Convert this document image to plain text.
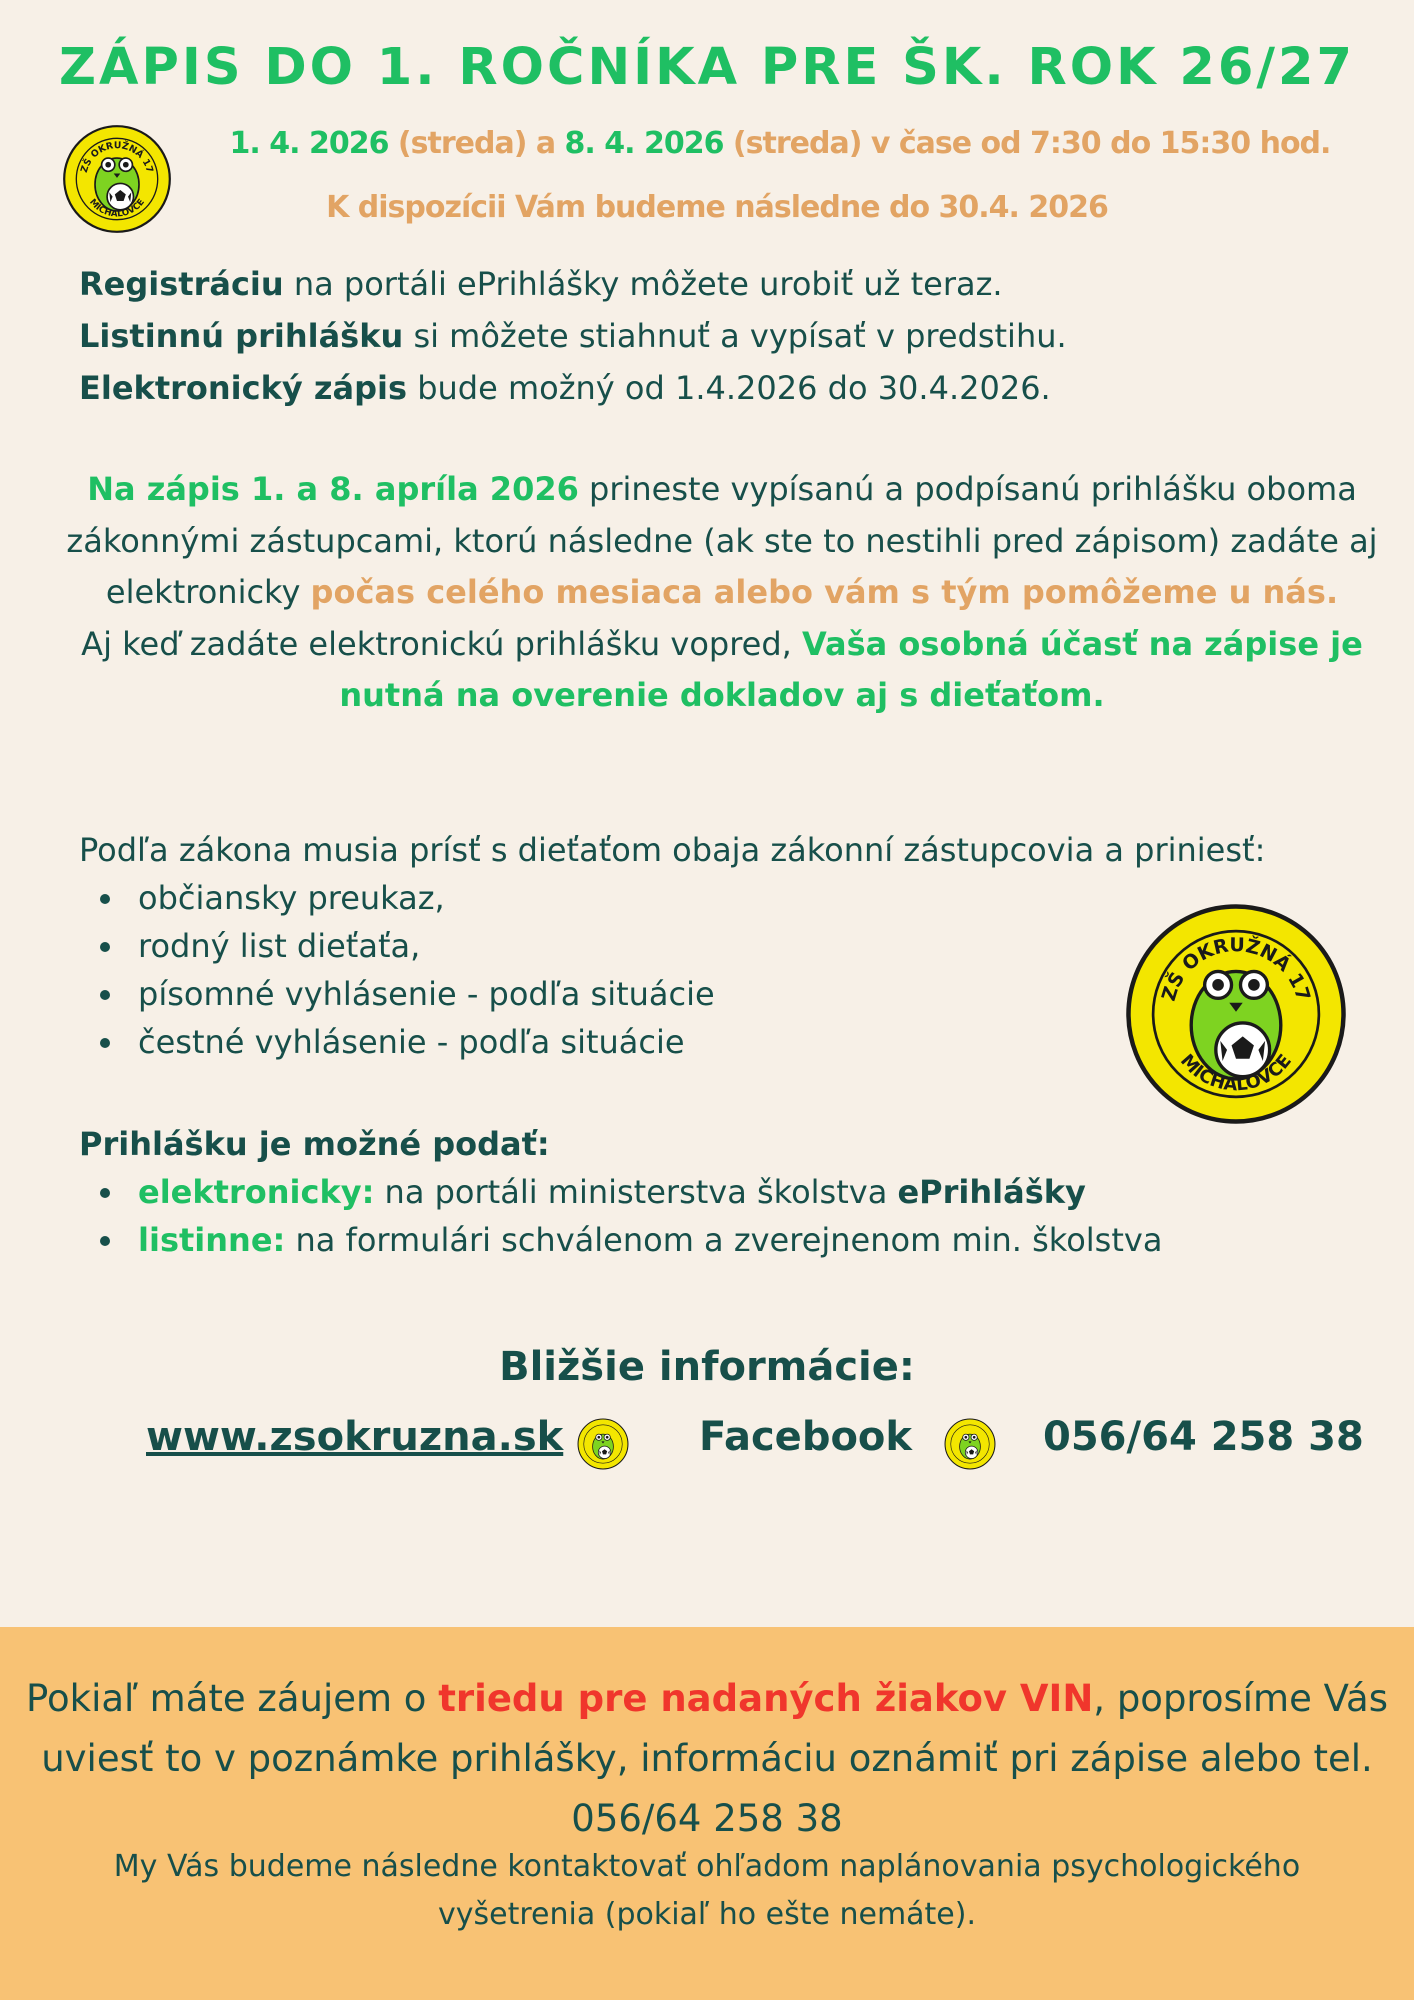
ZÁPIS DO 1. ROČNÍKA PRE ŠK. ROK 26/27
ZŠ OKRUŽNÁ 17
MICHALOVCE
1. 4. 2026 (streda) a 8. 4. 2026 (streda) v čase od 7:30 do 15:30 hod.
K dispozícii Vám budeme následne do 30.4. 2026
Registráciu na portáli ePrihlášky môžete urobiť už teraz.
Listinnú prihlášku si môžete stiahnuť a vypísať v predstihu.
Elektronický zápis bude možný od 1.4.2026 do 30.4.2026.
Na zápis 1. a 8. apríla 2026 prineste vypísanú a podpísanú prihlášku oboma zákonnými zástupcami, ktorú následne (ak ste to nestihli pred zápisom) zadáte aj elektronicky počas celého mesiaca alebo vám s tým pomôžeme u nás.
Aj keď zadáte elektronickú prihlášku vopred, Vaša osobná účasť na zápise je nutná na overenie dokladov aj s dieťaťom.
Podľa zákona musia prísť s dieťaťom obaja zákonní zástupcovia a priniesť:
občiansky preukaz,
rodný list dieťaťa,
písomné vyhlásenie - podľa situácie
čestné vyhlásenie - podľa situácie
ZŠ OKRUŽNÁ 17
MICHALOVCE
Prihlášku je možné podať:
elektronicky: na portáli ministerstva školstva ePrihlášky
listinne: na formulári schválenom a zverejnenom min. školstva
Bližšie informácie:
www.zsokruzna.sk	Facebook	056/64 258 38
Pokiaľ máte záujem o triedu pre nadaných žiakov VIN, poprosíme Vás uviesť to v poznámke prihlášky, informáciu oznámiť pri zápise alebo tel. 056/64 258 38
My Vás budeme následne kontaktovať ohľadom naplánovania psychologického vyšetrenia (pokiaľ ho ešte nemáte).
